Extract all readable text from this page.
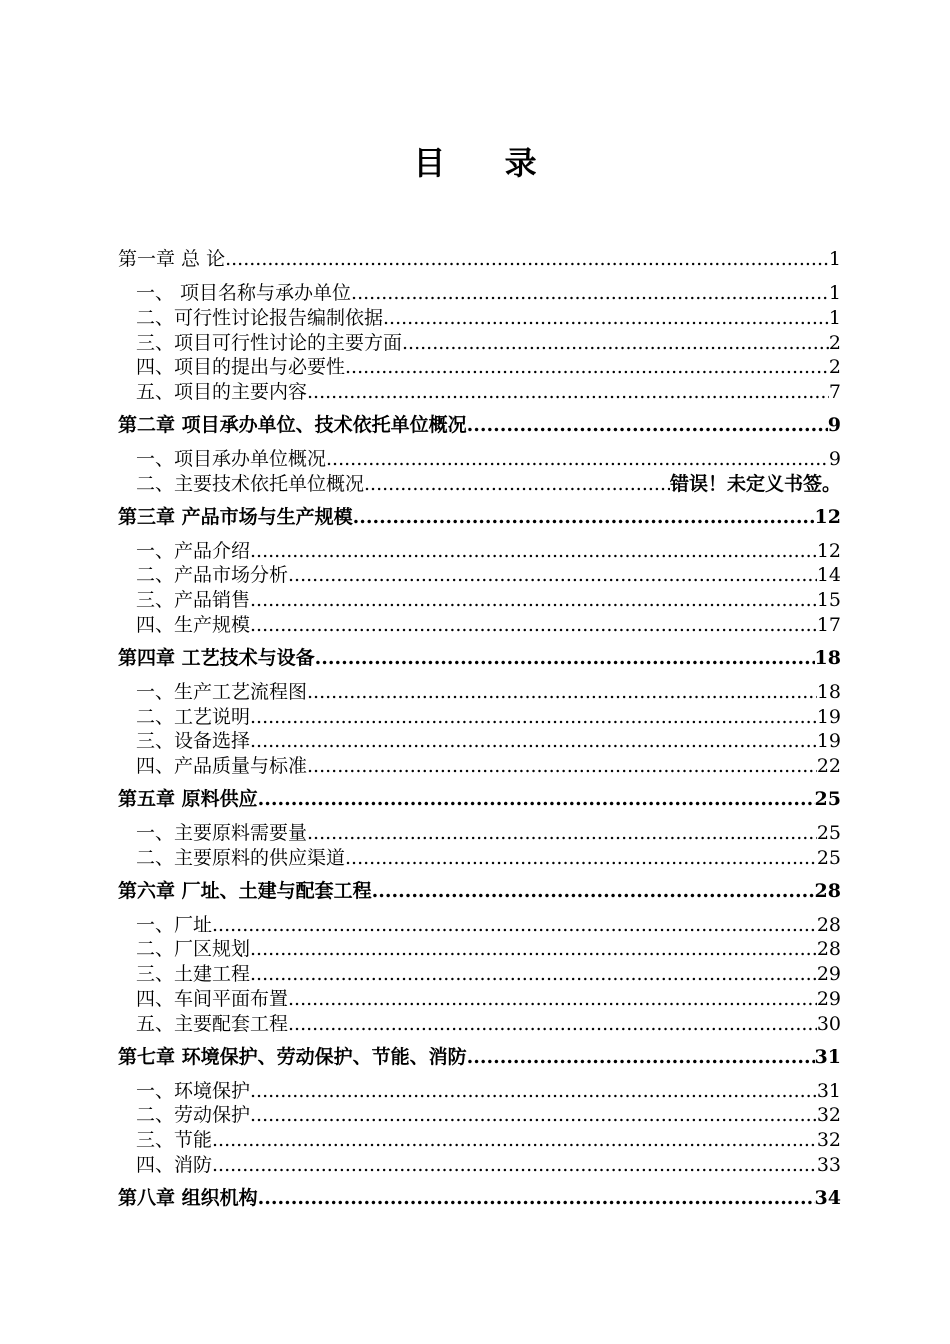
目 录
第一章 总 论 .....	1
一、 项目名称与承办单位 .....	1
二、可行性讨论报告编制依据 .....	1
三、项目可行性讨论的主要方面 .....	2
四、项目的提出与必要性 .....	2
五、项目的主要内容 .....	7
第二章 项目承办单位、技术依托单位概况 .....	9
一、项目承办单位概况 .....	9
二、主要技术依托单位概况 .....	错误！未定义书签。
第三章 产品市场与生产规模 .....	12
一、产品介绍 .....	12
二、产品市场分析 .....	14
三、产品销售 .....	15
四、生产规模 .....	17
第四章 工艺技术与设备 .....	18
一、生产工艺流程图 .....	18
二、工艺说明 .....	19
三、设备选择 .....	19
四、产品质量与标准 .....	22
第五章 原料供应 .....	25
一、主要原料需要量 .....	25
二、主要原料的供应渠道 .....	25
第六章 厂址、土建与配套工程 .....	28
一、厂址 .....	28
二、厂区规划 .....	28
三、土建工程 .....	29
四、车间平面布置 .....	29
五、主要配套工程 .....	30
第七章 环境保护、劳动保护、节能、消防 .....	31
一、环境保护 .....	31
二、劳动保护 .....	32
三、节能 .....	32
四、消防 .....	33
第八章 组织机构 .....	34
